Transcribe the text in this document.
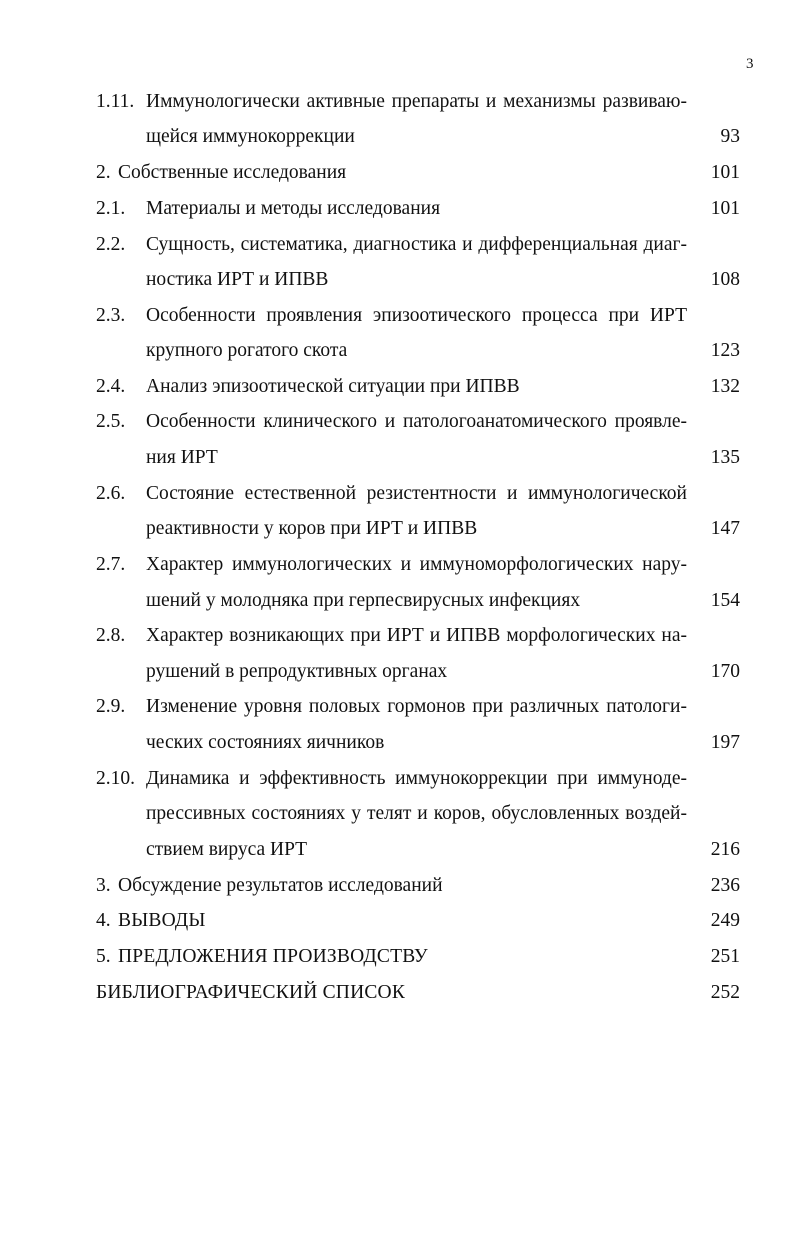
3
1.11. Иммунологически активные препараты и механизмы развиваю-
щейся иммунокоррекции	93
2. Собственные исследования	101
2.1. Материалы и методы исследования	101
2.2. Сущность, систематика, диагностика и дифференциальная диаг-
ностика ИРТ и ИПВВ	108
2.3. Особенности проявления эпизоотического процесса при ИРТ
крупного рогатого скота	123
2.4. Анализ эпизоотической ситуации при ИПВВ	132
2.5. Особенности клинического и патологоанатомического проявле-
ния ИРТ	135
2.6. Состояние естественной резистентности и иммунологической
реактивности у коров при ИРТ и ИПВВ	147
2.7. Характер иммунологических и иммуноморфологических нару-
шений у молодняка при герпесвирусных инфекциях	154
2.8. Характер возникающих при ИРТ и ИПВВ морфологических на-
рушений в репродуктивных органах	170
2.9. Изменение уровня половых гормонов при различных патологи-
ческих состояниях яичников	197
2.10. Динамика и эффективность иммунокоррекции при иммуноде-
прессивных состояниях у телят и коров, обусловленных воздей-
ствием вируса ИРТ	216
3. Обсуждение результатов исследований	236
4. ВЫВОДЫ	249
5. ПРЕДЛОЖЕНИЯ ПРОИЗВОДСТВУ	251
БИБЛИОГРАФИЧЕСКИЙ СПИСОК	252
